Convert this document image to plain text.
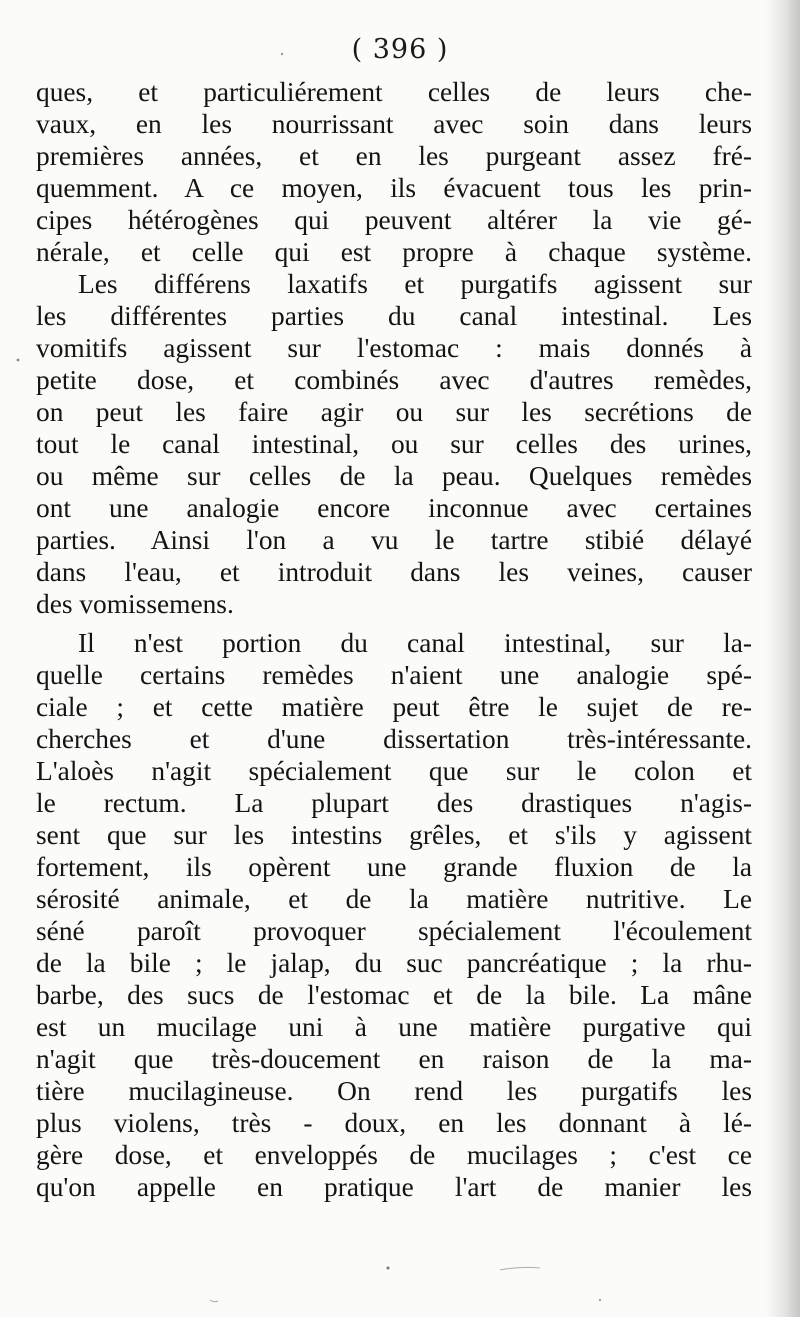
( 396 )
ques, et particuliérement celles de leurs che-
vaux, en les nourrissant avec soin dans leurs
premières années, et en les purgeant assez fré-
quemment. A ce moyen, ils évacuent tous les prin-
cipes hétérogènes qui peuvent altérer la vie gé-
nérale, et celle qui est propre à chaque système.
Les différens laxatifs et purgatifs agissent sur
les différentes parties du canal intestinal. Les
vomitifs agissent sur l'estomac : mais donnés à
petite dose, et combinés avec d'autres remèdes,
on peut les faire agir ou sur les secrétions de
tout le canal intestinal, ou sur celles des urines,
ou même sur celles de la peau. Quelques remèdes
ont une analogie encore inconnue avec certaines
parties. Ainsi l'on a vu le tartre stibié délayé
dans l'eau, et introduit dans les veines, causer
des vomissemens.
Il n'est portion du canal intestinal, sur la-
quelle certains remèdes n'aient une analogie spé-
ciale ; et cette matière peut être le sujet de re-
cherches et d'une dissertation très-intéressante.
L'aloès n'agit spécialement que sur le colon et
le rectum. La plupart des drastiques n'agis-
sent que sur les intestins grêles, et s'ils y agissent
fortement, ils opèrent une grande fluxion de la
sérosité animale, et de la matière nutritive. Le
séné paroît provoquer spécialement l'écoulement
de la bile ; le jalap, du suc pancréatique ; la rhu-
barbe, des sucs de l'estomac et de la bile. La mâne
est un mucilage uni à une matière purgative qui
n'agit que très-doucement en raison de la ma-
tière mucilagineuse. On rend les purgatifs les
plus violens, très - doux, en les donnant à lé-
gère dose, et enveloppés de mucilages ; c'est ce
qu'on appelle en pratique l'art de manier les
